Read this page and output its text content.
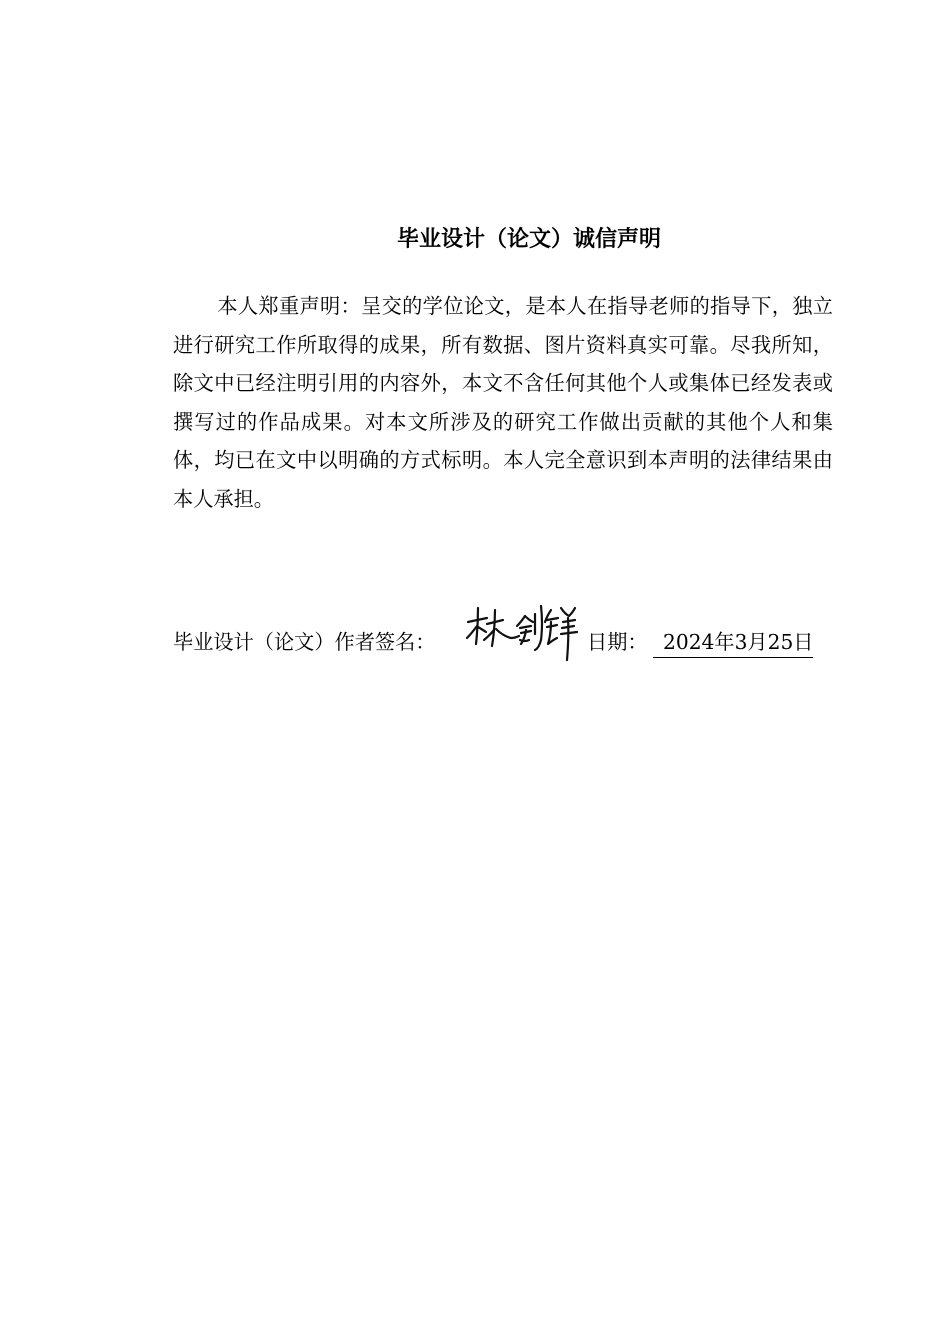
毕业设计（论文）诚信声明

本人郑重声明：呈交的学位论文，是本人在指导老师的指导下，独立进行研究工作所取得的成果，所有数据、图片资料真实可靠。尽我所知，除文中已经注明引用的内容外，本文不含任何其他个人或集体已经发表或撰写过的作品成果。对本文所涉及的研究工作做出贡献的其他个人和集体，均已在文中以明确的方式标明。本人完全意识到本声明的法律结果由本人承担。

毕业设计（论文）作者签名：	日期： 2024年3月25日
